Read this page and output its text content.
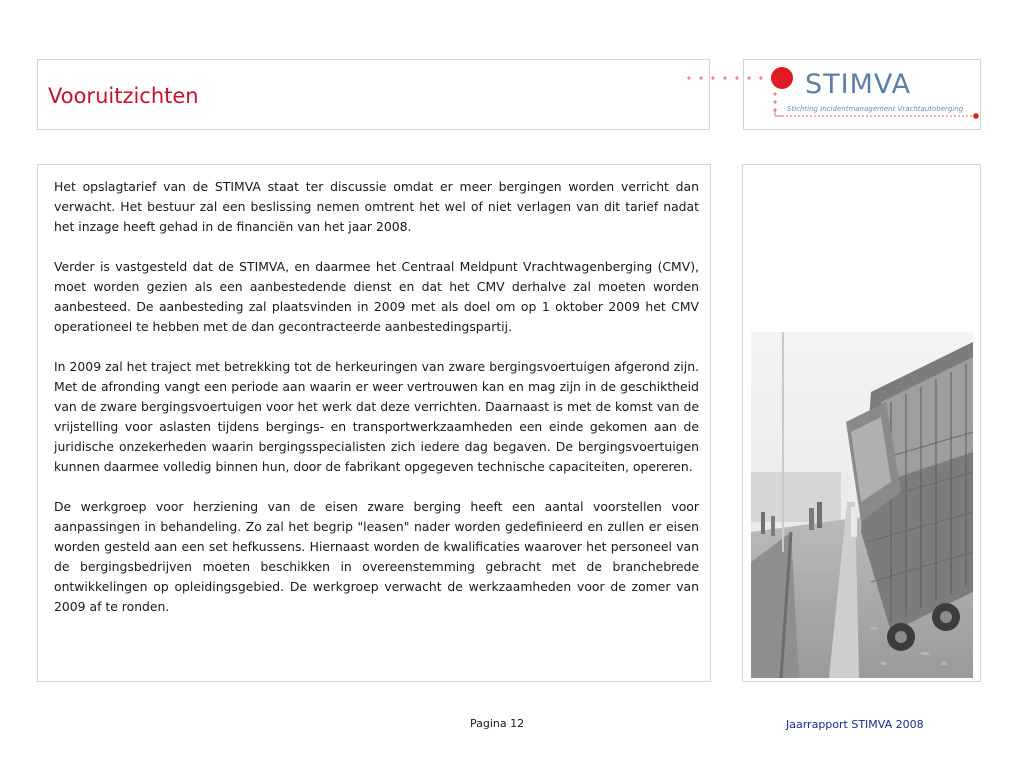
Vooruitzichten	STIMVA
Stichting Incidentmanagement Vrachtautoberging

Het opslagtarief van de STIMVA staat ter discussie omdat er meer bergingen worden verricht dan verwacht. Het bestuur zal een beslissing nemen omtrent het wel of niet verlagen van dit tarief nadat het inzage heeft gehad in de financiën van het jaar 2008.

Verder is vastgesteld dat de STIMVA, en daarmee het Centraal Meldpunt Vrachtwagenberging (CMV), moet worden gezien als een aanbestedende dienst en dat het CMV derhalve zal moeten worden aanbesteed. De aanbesteding zal plaatsvinden in 2009 met als doel om op 1 oktober 2009 het CMV operationeel te hebben met de dan gecontracteerde aanbestedingspartij.

In 2009 zal het traject met betrekking tot de herkeuringen van zware bergingsvoertuigen afgerond zijn. Met de afronding vangt een periode aan waarin er weer vertrouwen kan en mag zijn in de geschiktheid van de zware bergingsvoertuigen voor het werk dat deze verrichten. Daarnaast is met de komst van de vrijstelling voor aslasten tijdens bergings- en transportwerkzaamheden een einde gekomen aan de juridische onzekerheden waarin bergingsspecialisten zich iedere dag begaven. De bergingsvoertuigen kunnen daarmee volledig binnen hun, door de fabrikant opgegeven technische capaciteiten, opereren.

De werkgroep voor herziening van de eisen zware berging heeft een aantal voorstellen voor aanpassingen in behandeling. Zo zal het begrip "leasen" nader worden gedefinieerd en zullen er eisen worden gesteld aan een set hefkussens. Hiernaast worden de kwalificaties waarover het personeel van de bergingsbedrijven moeten beschikken in overeenstemming gebracht met de branchebrede ontwikkelingen op opleidingsgebied. De werkgroep verwacht de werkzaamheden voor de zomer van 2009 af te ronden.

Pagina 12	Jaarrapport STIMVA 2008
